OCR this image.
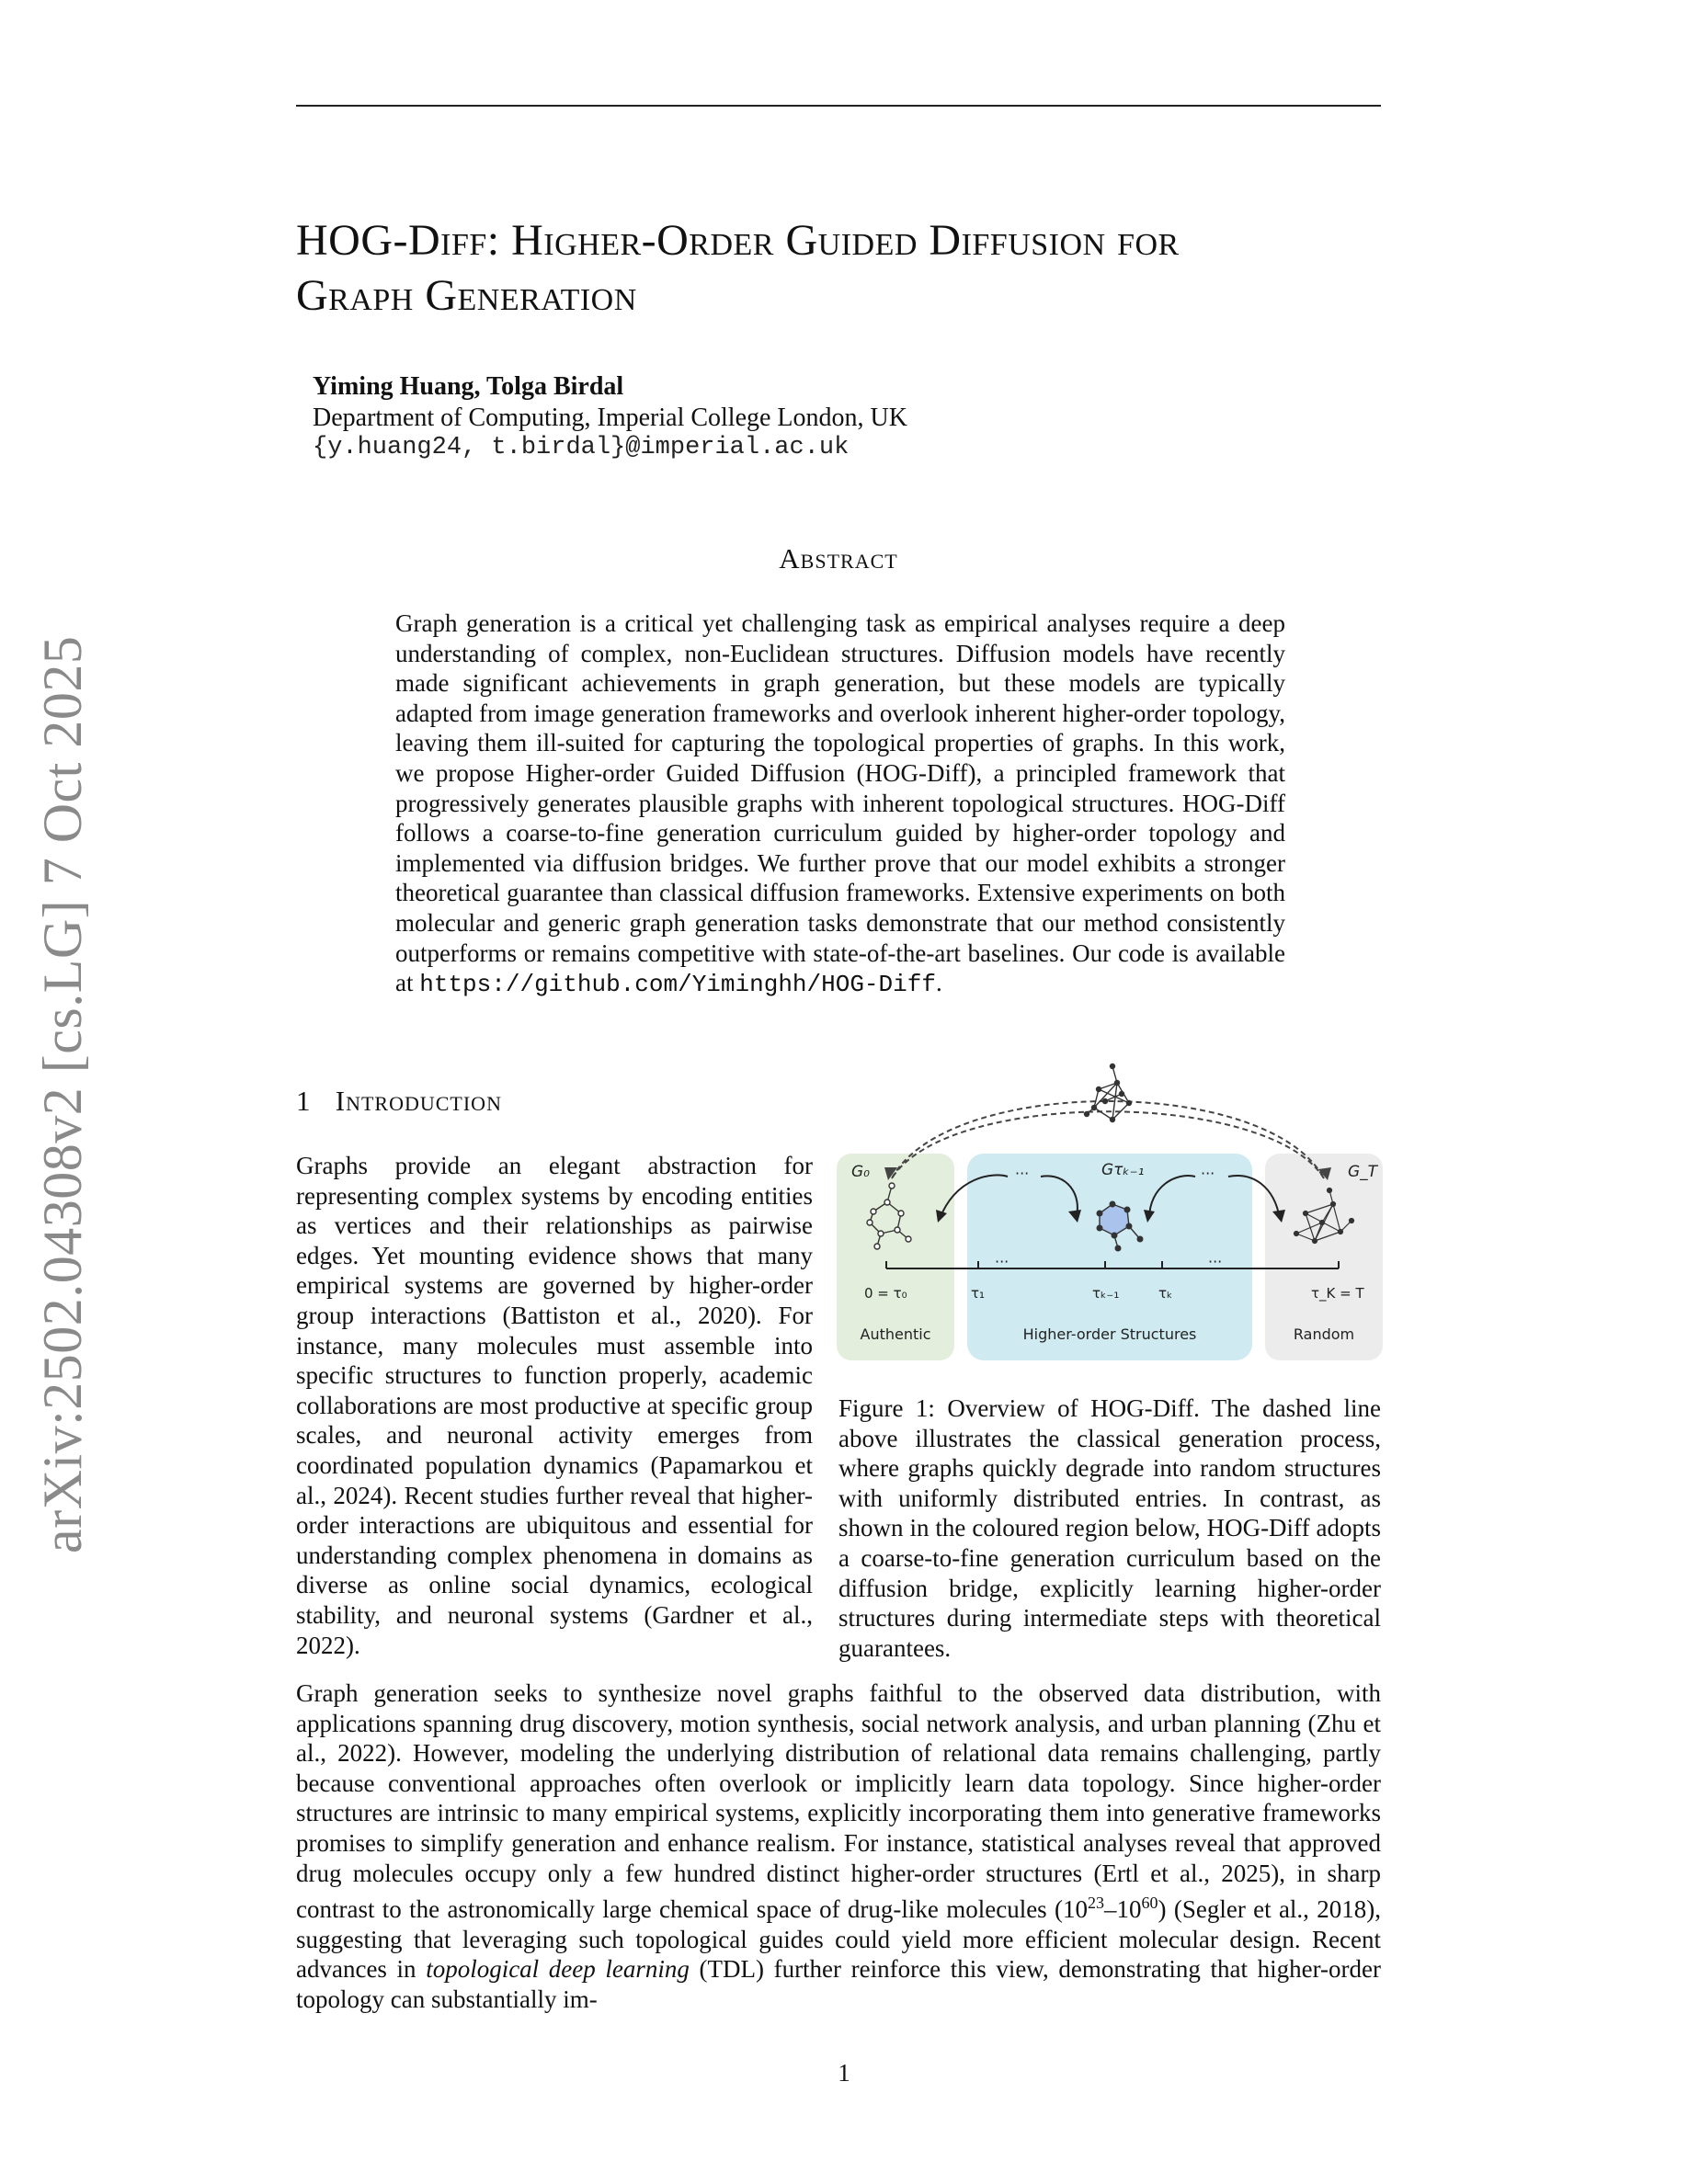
HOG-Diff: Higher-Order Guided Diffusion for
Graph Generation
Yiming Huang, Tolga Birdal
Department of Computing, Imperial College London, UK
{y.huang24, t.birdal}@imperial.ac.uk
Abstract
Graph generation is a critical yet challenging task as empirical analyses require a deep understanding of complex, non-Euclidean structures. Diffusion models have recently made significant achievements in graph generation, but these models are typically adapted from image generation frameworks and overlook inherent higher-order topology, leaving them ill-suited for capturing the topological properties of graphs. In this work, we propose Higher-order Guided Diffusion (HOG-Diff), a principled framework that progressively generates plausible graphs with inherent topological structures. HOG-Diff follows a coarse-to-fine generation curriculum guided by higher-order topology and implemented via diffusion bridges. We further prove that our model exhibits a stronger theoretical guarantee than classical diffusion frameworks. Extensive experiments on both molecular and generic graph generation tasks demonstrate that our method consistently outperforms or remains competitive with state-of-the-art baselines. Our code is available at https://github.com/Yiminghh/HOG-Diff.
arXiv:2502.04308v2 [cs.LG] 7 Oct 2025	1 Introduction
Graphs provide an elegant abstraction for representing complex systems by encoding entities as vertices and their relationships as pairwise edges. Yet mounting evidence shows that many empirical systems are governed by higher-order group interactions (Battiston et al., 2020). For instance, many molecules must assemble into specific structures to function properly, academic collaborations are most productive at specific group scales, and neuronal activity emerges from coordinated population dynamics (Papamarkou et al., 2024). Recent studies further reveal that higher-order interactions are ubiquitous and essential for understanding complex phenomena in domains as diverse as online social dynamics, ecological stability, and neuronal systems (Gardner et al., 2022).
···	···
···	···
G₀	Gτₖ₋₁	G_T
0 = τ₀	τ₁	τₖ₋₁	τₖ	τ_K = T
Authentic	Higher-order Structures	Random
Figure 1: Overview of HOG-Diff. The dashed line above illustrates the classical generation process, where graphs quickly degrade into random structures with uniformly distributed entries. In contrast, as shown in the coloured region below, HOG-Diff adopts a coarse-to-fine generation curriculum based on the diffusion bridge, explicitly learning higher-order structures during intermediate steps with theoretical guarantees.
Graph generation seeks to synthesize novel graphs faithful to the observed data distribution, with applications spanning drug discovery, motion synthesis, social network analysis, and urban planning (Zhu et al., 2022). However, modeling the underlying distribution of relational data remains challenging, partly because conventional approaches often overlook or implicitly learn data topology. Since higher-order structures are intrinsic to many empirical systems, explicitly incorporating them into generative frameworks promises to simplify generation and enhance realism. For instance, statistical analyses reveal that approved drug molecules occupy only a few hundred distinct higher-order structures (Ertl et al., 2025), in sharp contrast to the astronomically large chemical space of drug-like molecules $(10^{23}-10^{60})$ (Segler et al., 2018), suggesting that leveraging such topological guides could yield more efficient molecular design. Recent advances in topological deep learning (TDL) further reinforce this view, demonstrating that higher-order topology can substantially im-
1
